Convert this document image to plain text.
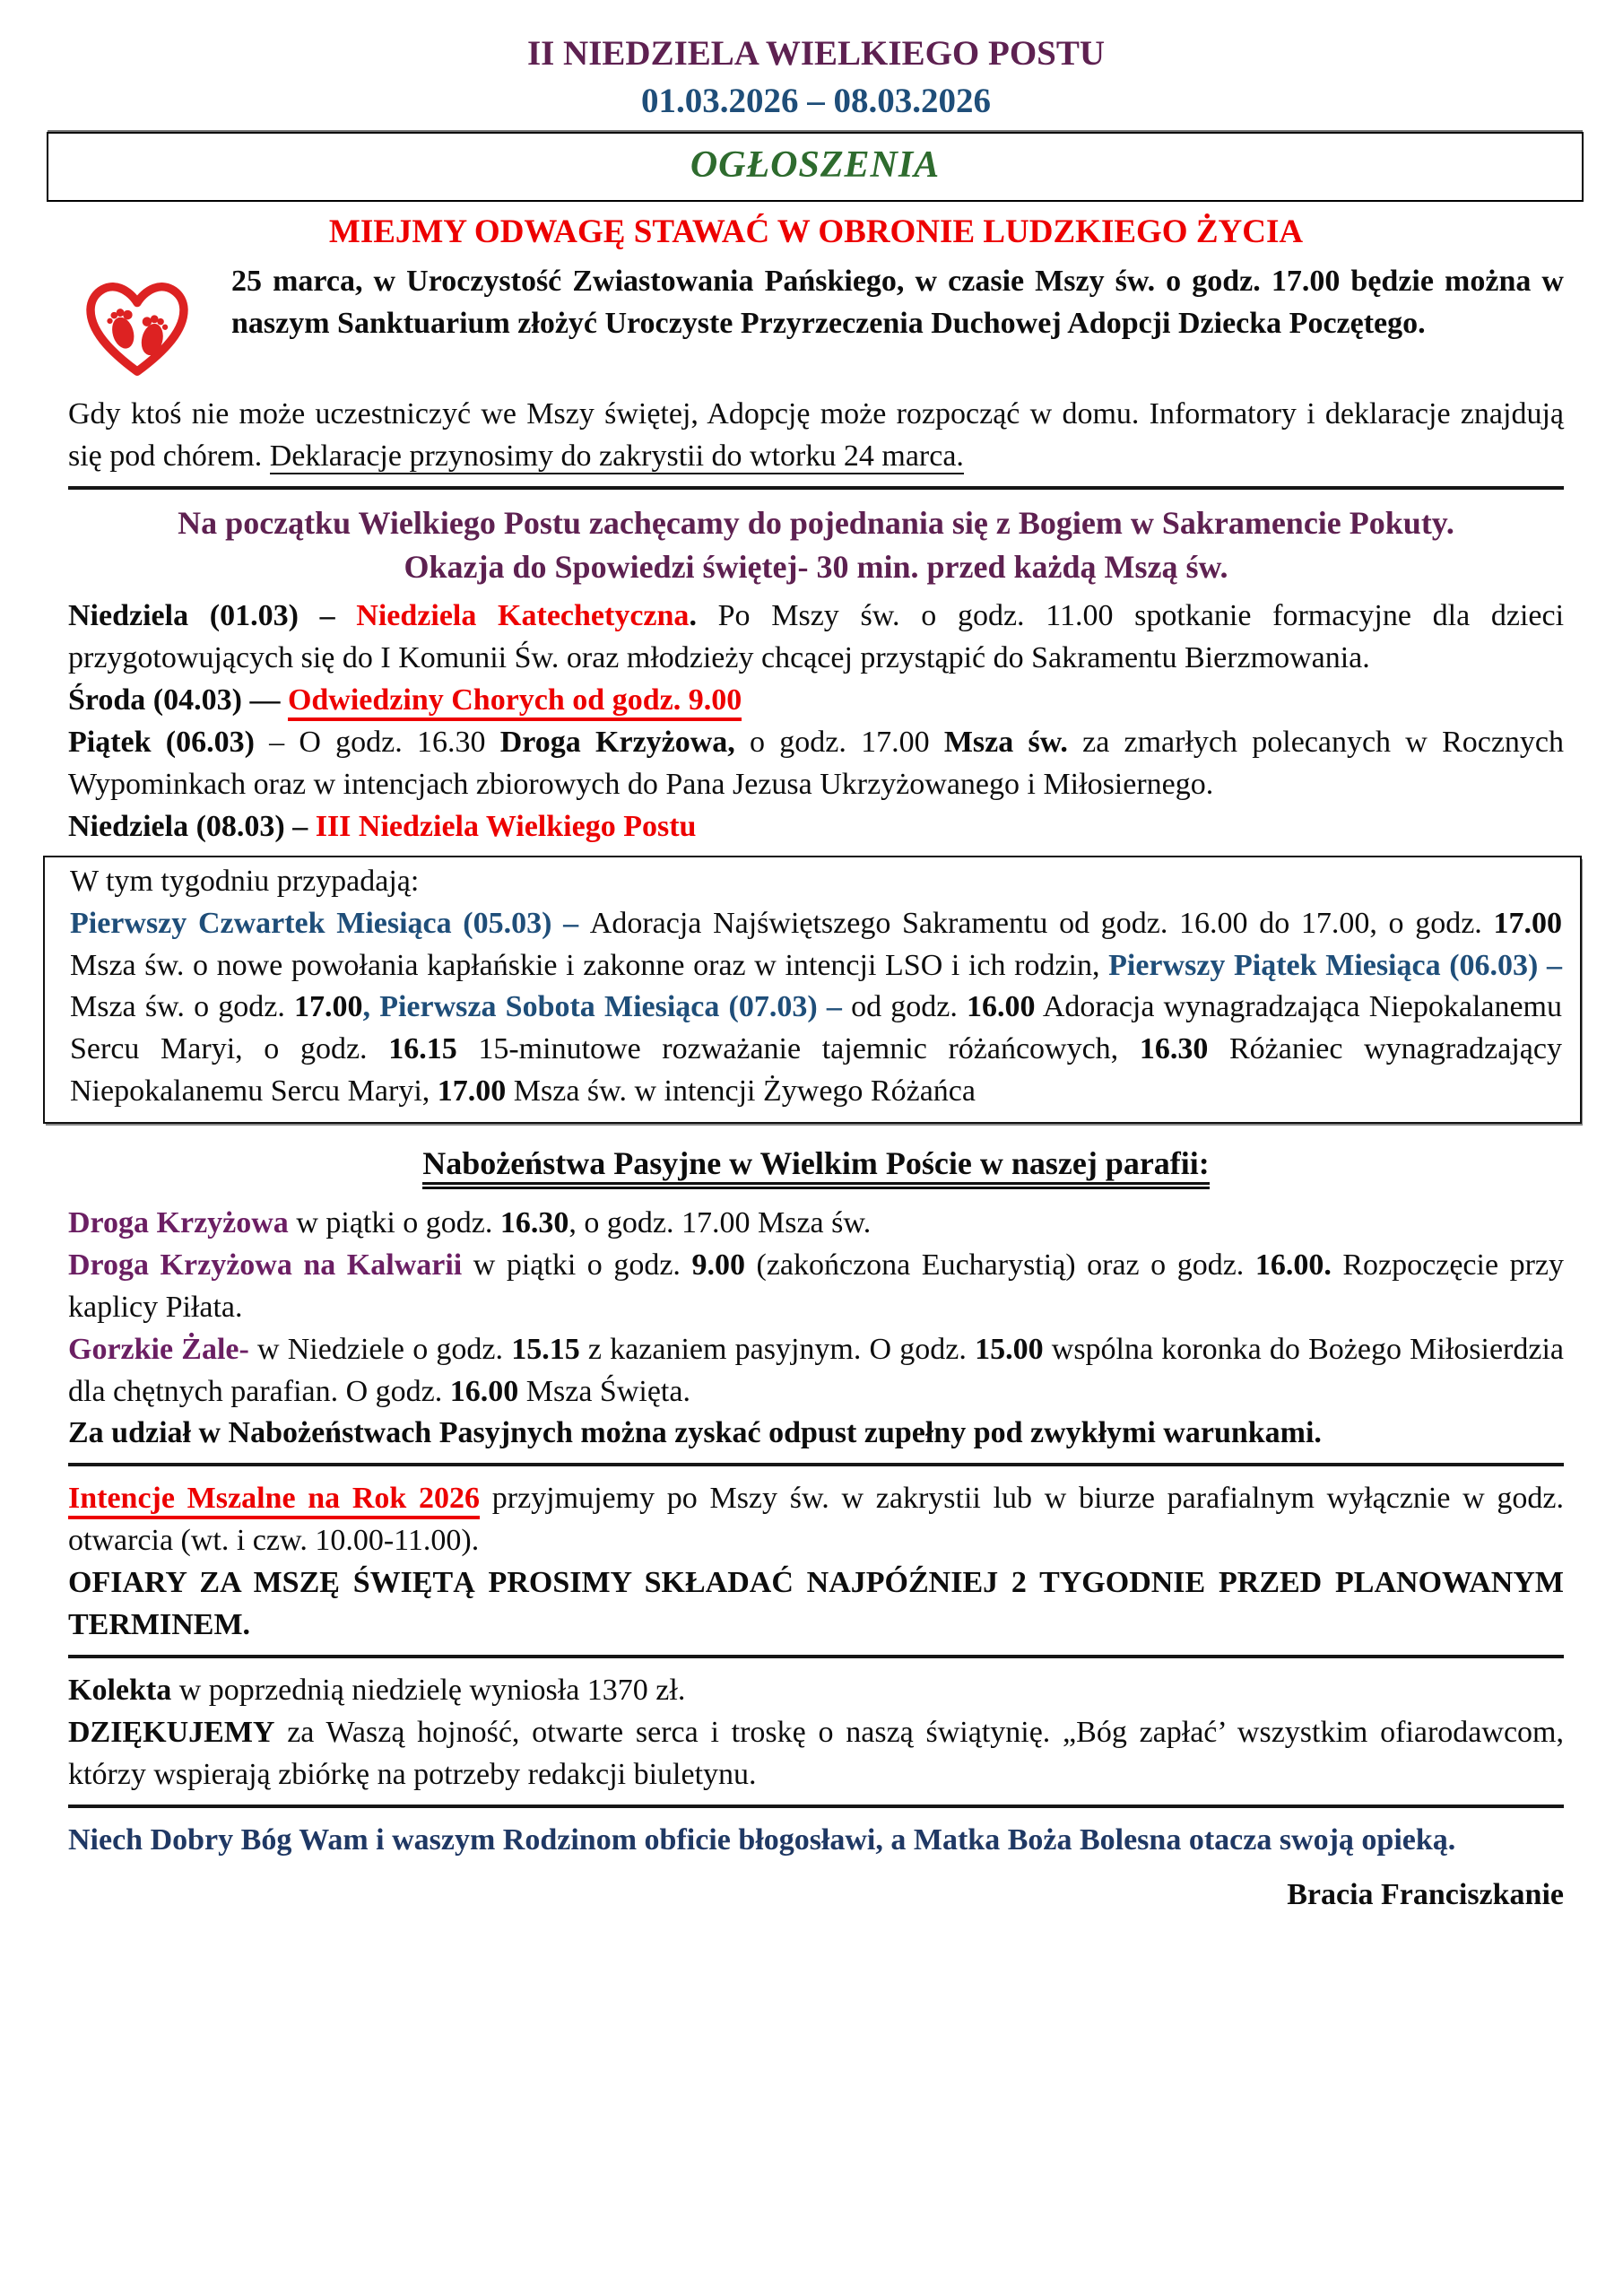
II NIEDZIELA WIELKIEGO POSTU
01.03.2026 – 08.03.2026
OGŁOSZENIA
MIEJMY ODWAGĘ STAWAĆ W OBRONIE LUDZKIEGO ŻYCIA

25 marca, w Uroczystość Zwiastowania Pańskiego, w czasie Mszy św. o godz. 17.00 będzie można w naszym Sanktuarium złożyć Uroczyste Przyrzeczenia Duchowej Adopcji Dziecka Poczętego.

Gdy ktoś nie może uczestniczyć we Mszy świętej, Adopcję może rozpocząć w domu. Informatory i deklaracje znajdują się pod chórem. Deklaracje przynosimy do zakrystii do wtorku 24 marca.

Na początku Wielkiego Postu zachęcamy do pojednania się z Bogiem w Sakramencie Pokuty. Okazja do Spowiedzi świętej- 30 min. przed każdą Mszą św.

Niedziela (01.03) – Niedziela Katechetyczna. Po Mszy św. o godz. 11.00 spotkanie formacyjne dla dzieci przygotowujących się do I Komunii Św. oraz młodzieży chcącej przystąpić do Sakramentu Bierzmowania.

Środa (04.03) — Odwiedziny Chorych od godz. 9.00

Piątek (06.03) – O godz. 16.30 Droga Krzyżowa, o godz. 17.00 Msza św. za zmarłych polecanych w Rocznych Wypominkach oraz w intencjach zbiorowych do Pana Jezusa Ukrzyżowanego i Miłosiernego.

Niedziela (08.03) – III Niedziela Wielkiego Postu

W tym tygodniu przypadają:

Pierwszy Czwartek Miesiąca (05.03) – Adoracja Najświętszego Sakramentu od godz. 16.00 do 17.00, o godz. 17.00 Msza św. o nowe powołania kapłańskie i zakonne oraz w intencji LSO i ich rodzin, Pierwszy Piątek Miesiąca (06.03) – Msza św. o godz. 17.00, Pierwsza Sobota Miesiąca (07.03) – od godz. 16.00 Adoracja wynagradzająca Niepokalanemu Sercu Maryi, o godz. 16.15 15-minutowe rozważanie tajemnic różańcowych, 16.30 Różaniec wynagradzający Niepokalanemu Sercu Maryi, 17.00 Msza św. w intencji Żywego Różańca

Nabożeństwa Pasyjne w Wielkim Poście w naszej parafii:

Droga Krzyżowa w piątki o godz. 16.30, o godz. 17.00 Msza św.

Droga Krzyżowa na Kalwarii w piątki o godz. 9.00 (zakończona Eucharystią) oraz o godz. 16.00. Rozpoczęcie przy kaplicy Piłata.

Gorzkie Żale- w Niedziele o godz. 15.15 z kazaniem pasyjnym. O godz. 15.00 wspólna koronka do Bożego Miłosierdzia dla chętnych parafian. O godz. 16.00 Msza Święta.

Za udział w Nabożeństwach Pasyjnych można zyskać odpust zupełny pod zwykłymi warunkami.

Intencje Mszalne na Rok 2026 przyjmujemy po Mszy św. w zakrystii lub w biurze parafialnym wyłącznie w godz. otwarcia (wt. i czw. 10.00-11.00).

OFIARY ZA MSZĘ ŚWIĘTĄ PROSIMY SKŁADAĆ NAJPÓŹNIEJ 2 TYGODNIE PRZED PLANOWANYM TERMINEM.

Kolekta w poprzednią niedzielę wyniosła 1370 zł.

DZIĘKUJEMY za Waszą hojność, otwarte serca i troskę o naszą świątynię. „Bóg zapłać’ wszystkim ofiarodawcom, którzy wspierają zbiórkę na potrzeby redakcji biuletynu.

Niech Dobry Bóg Wam i waszym Rodzinom obficie błogosławi, a Matka Boża Bolesna otacza swoją opieką.

Bracia Franciszkanie
